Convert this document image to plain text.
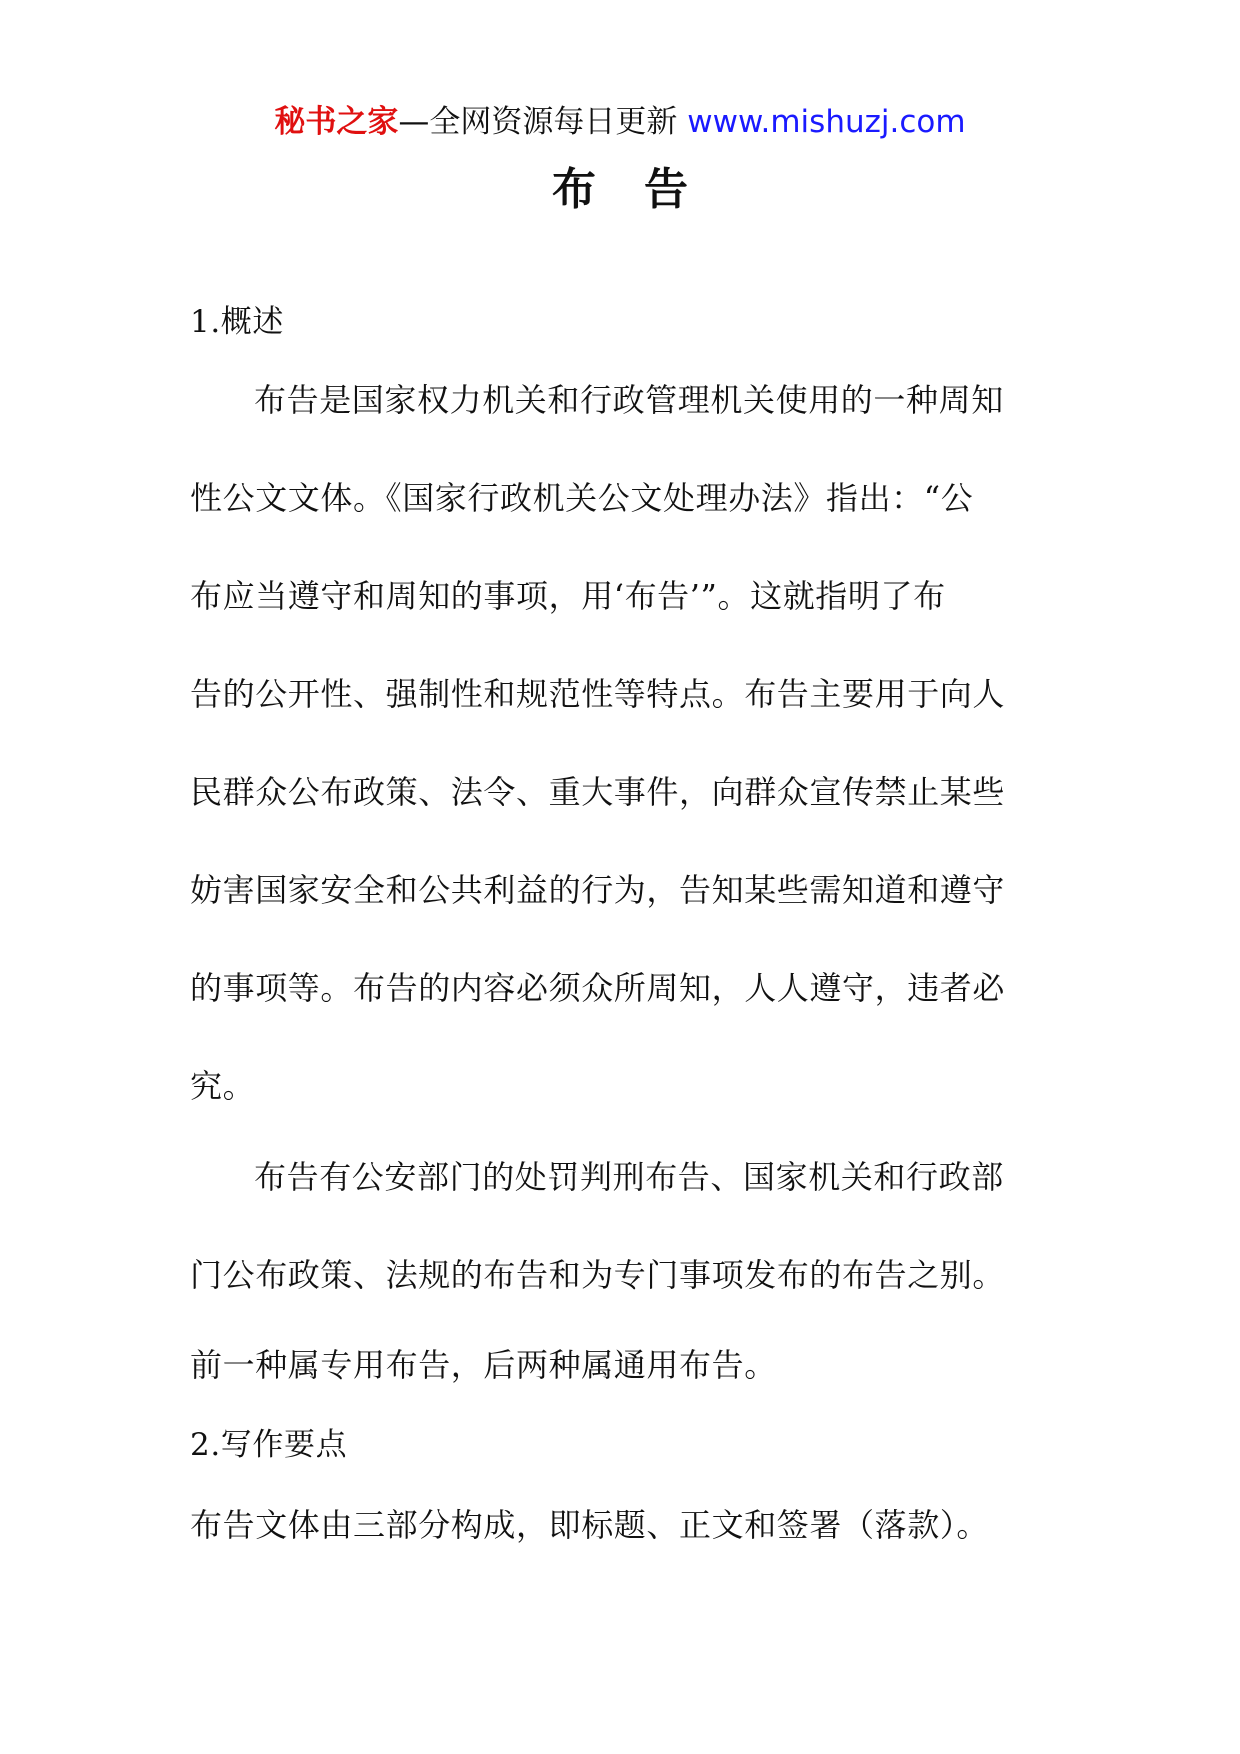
秘书之家—全网资源每日更新 www.mishuzj.com
布告
1.概述
布告是国家权力机关和行政管理机关使用的一种周知
性公文文体。《国家行政机关公文处理办法》指出：“公
布应当遵守和周知的事项，用‘布告’”。这就指明了布
告的公开性、强制性和规范性等特点。布告主要用于向人
民群众公布政策、法令、重大事件，向群众宣传禁止某些
妨害国家安全和公共利益的行为，告知某些需知道和遵守
的事项等。布告的内容必须众所周知，人人遵守，违者必
究。
布告有公安部门的处罚判刑布告、国家机关和行政部
门公布政策、法规的布告和为专门事项发布的布告之别。
前一种属专用布告，后两种属通用布告。
2.写作要点
布告文体由三部分构成，即标题、正文和签署（落款）。
